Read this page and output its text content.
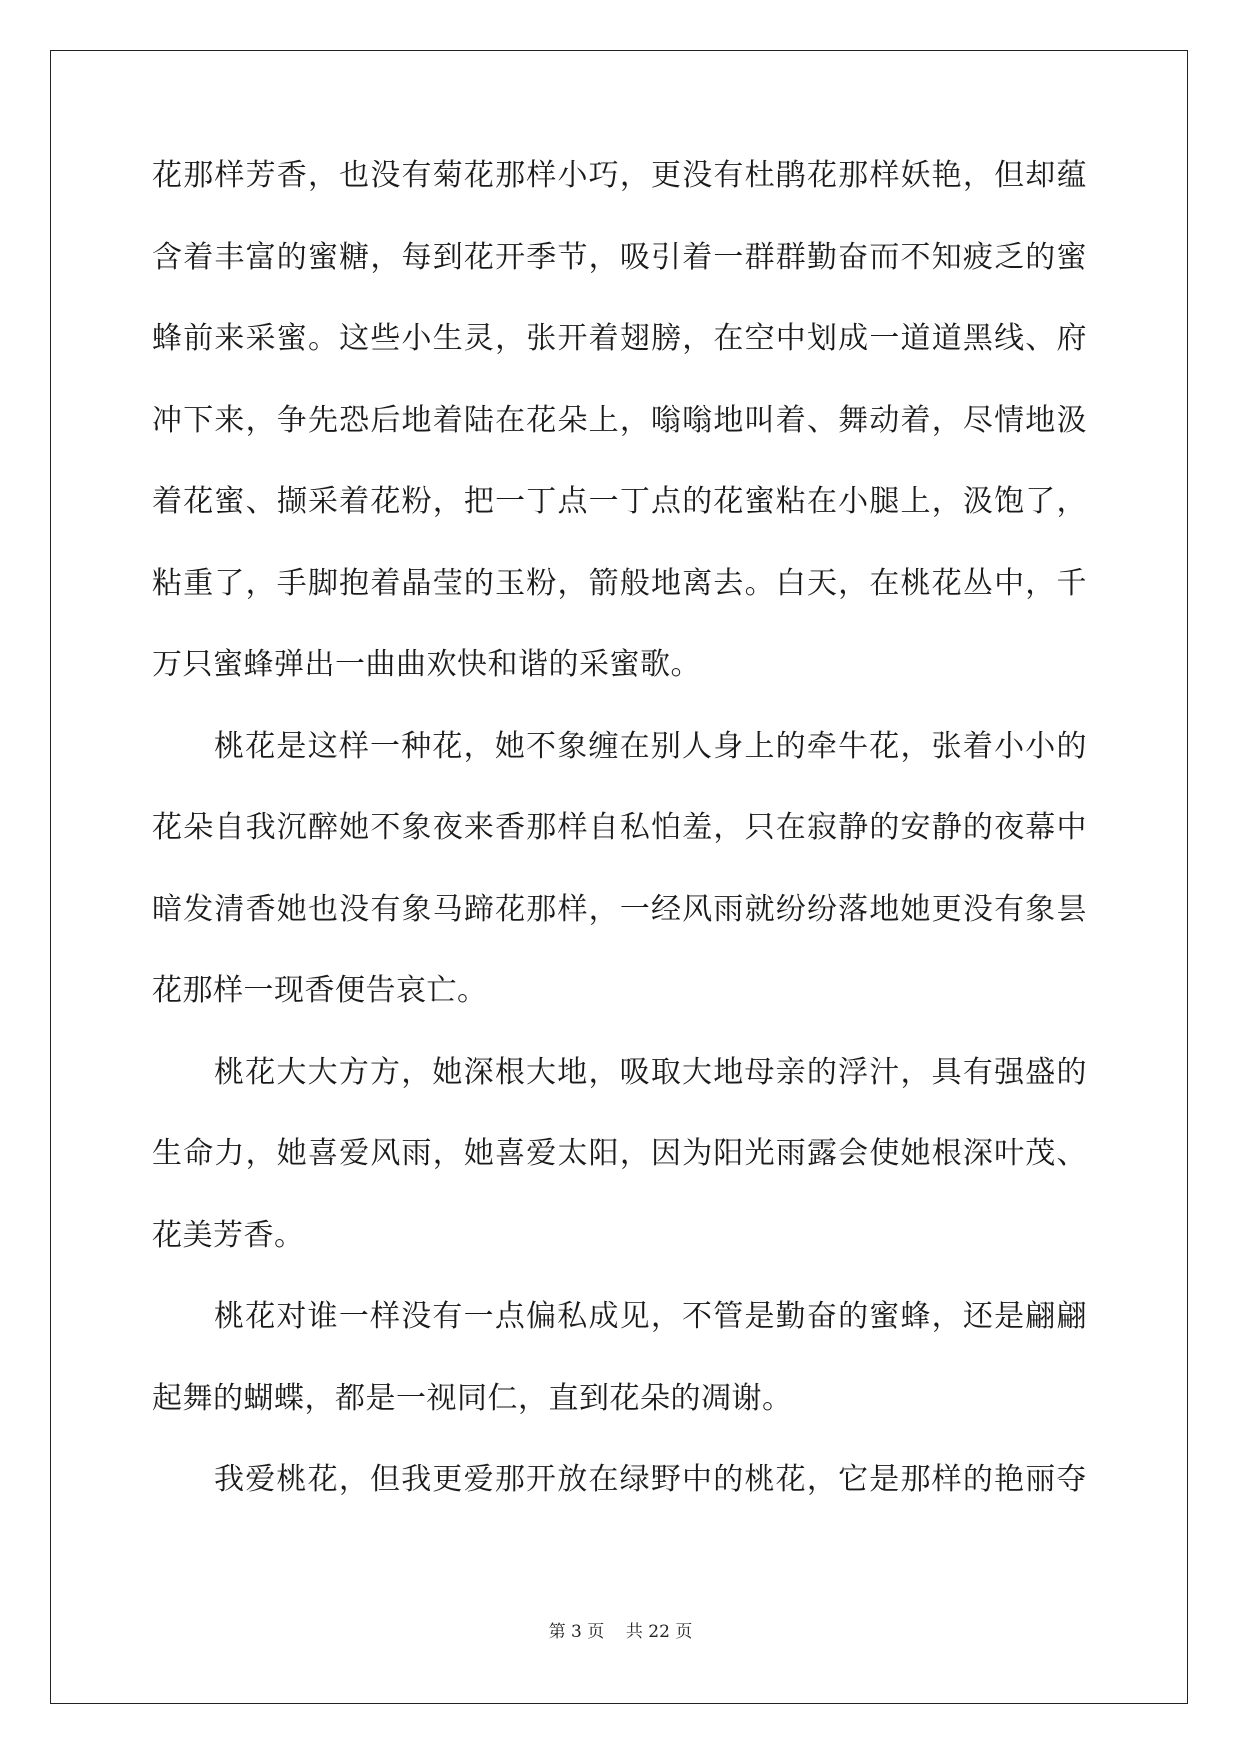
花那样芳香，也没有菊花那样小巧，更没有杜鹃花那样妖艳，但却蕴
含着丰富的蜜糖，每到花开季节，吸引着一群群勤奋而不知疲乏的蜜
蜂前来采蜜。这些小生灵，张开着翅膀，在空中划成一道道黑线、府
冲下来，争先恐后地着陆在花朵上，嗡嗡地叫着、舞动着，尽情地汲
着花蜜、撷采着花粉，把一丁点一丁点的花蜜粘在小腿上，汲饱了，
粘重了，手脚抱着晶莹的玉粉，箭般地离去。白天，在桃花丛中，千
万只蜜蜂弹出一曲曲欢快和谐的采蜜歌。
桃花是这样一种花，她不象缠在别人身上的牵牛花，张着小小的
花朵自我沉醉她不象夜来香那样自私怕羞，只在寂静的安静的夜幕中
暗发清香她也没有象马蹄花那样，一经风雨就纷纷落地她更没有象昙
花那样一现香便告哀亡。
桃花大大方方，她深根大地，吸取大地母亲的浮汁，具有强盛的
生命力，她喜爱风雨，她喜爱太阳，因为阳光雨露会使她根深叶茂、
花美芳香。
桃花对谁一样没有一点偏私成见，不管是勤奋的蜜蜂，还是翩翩
起舞的蝴蝶，都是一视同仁，直到花朵的凋谢。
我爱桃花，但我更爱那开放在绿野中的桃花，它是那样的艳丽夺
第 3 页    共 22 页
